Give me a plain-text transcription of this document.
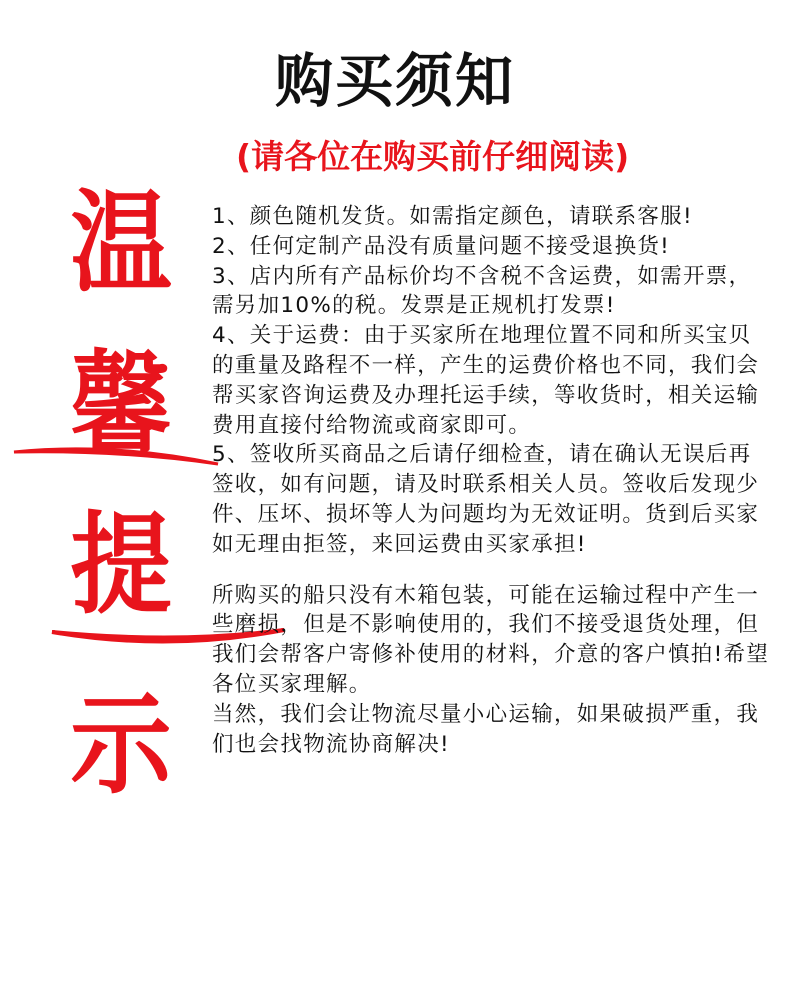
购买须知
(请各位在购买前仔细阅读)
温
馨
提
示

1、颜色随机发货。如需指定颜色，请联系客服!

2、任何定制产品没有质量问题不接受退换货!

3、店内所有产品标价均不含税不含运费，如需开票，需另加10%的税。发票是正规机打发票!

4、关于运费：由于买家所在地理位置不同和所买宝贝的重量及路程不一样，产生的运费价格也不同，我们会帮买家咨询运费及办理托运手续，等收货时，相关运输费用直接付给物流或商家即可。

5、签收所买商品之后请仔细检查，请在确认无误后再签收，如有问题，请及时联系相关人员。签收后发现少件、压坏、损坏等人为问题均为无效证明。货到后买家如无理由拒签，来回运费由买家承担!

所购买的船只没有木箱包装，可能在运输过程中产生一些磨损，但是不影响使用的，我们不接受退货处理，但我们会帮客户寄修补使用的材料，介意的客户慎拍!希望各位买家理解。

当然，我们会让物流尽量小心运输，如果破损严重，我们也会找物流协商解决!
